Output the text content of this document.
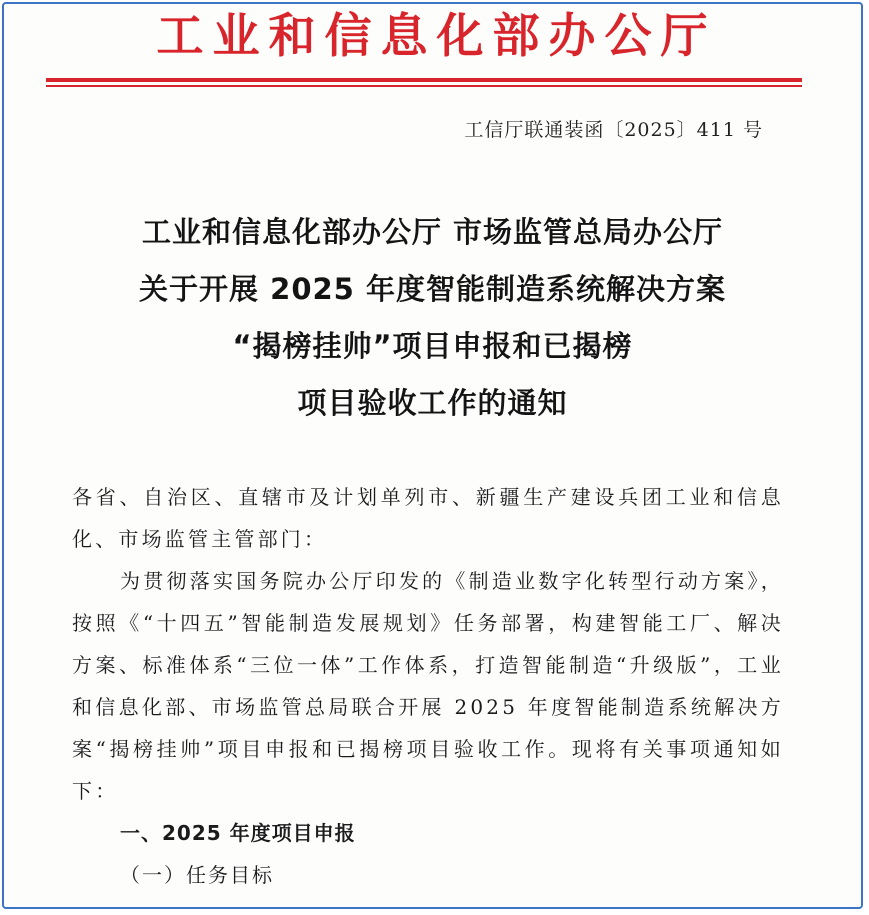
工业和信息化部办公厅
工信厅联通装函〔2025〕411 号
工业和信息化部办公厅 市场监管总局办公厅
关于开展 2025 年度智能制造系统解决方案
“揭榜挂帅”项目申报和已揭榜
项目验收工作的通知

各省、自治区、直辖市及计划单列市、新疆生产建设兵团工业和信息化、市场监管主管部门：

为贯彻落实国务院办公厅印发的《制造业数字化转型行动方案》，按照《“十四五”智能制造发展规划》任务部署，构建智能工厂、解决方案、标准体系“三位一体”工作体系，打造智能制造“升级版”，工业和信息化部、市场监管总局联合开展 2025 年度智能制造系统解决方案“揭榜挂帅”项目申报和已揭榜项目验收工作。现将有关事项通知如下：

一、2025 年度项目申报

（一）任务目标
